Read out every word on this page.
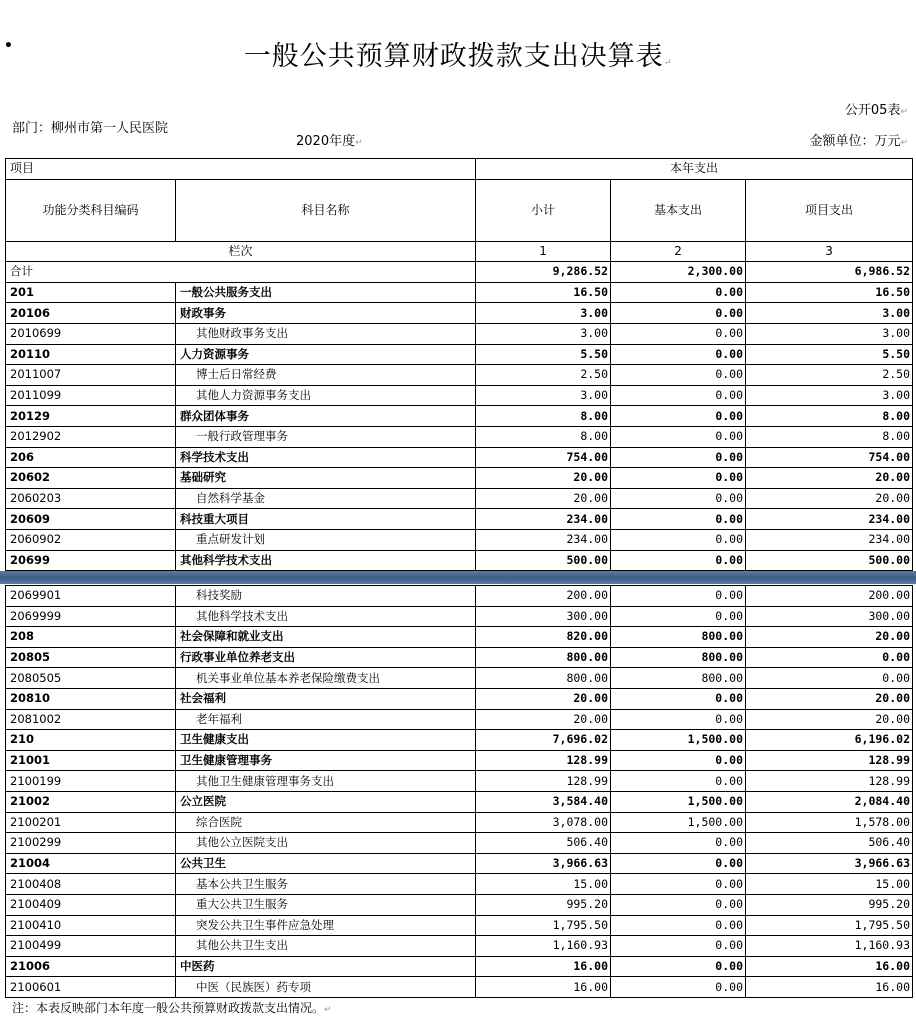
•	一般公共预算财政拨款支出决算表↵
公开05表↵
部门：柳州市第一人民医院
2020年度↵	金额单位：万元↵
项目		本年支出		
功能分类科目编码	科目名称	小计	基本支出	项目支出
栏次		1	2	3
合计		9,286.52	2,300.00	6,986.52
201	一般公共服务支出	16.50	0.00	16.50
20106	财政事务	3.00	0.00	3.00
2010699	其他财政事务支出	3.00	0.00	3.00
20110	人力资源事务	5.50	0.00	5.50
2011007	博士后日常经费	2.50	0.00	2.50
2011099	其他人力资源事务支出	3.00	0.00	3.00
20129	群众团体事务	8.00	0.00	8.00
2012902	一般行政管理事务	8.00	0.00	8.00
206	科学技术支出	754.00	0.00	754.00
20602	基础研究	20.00	0.00	20.00
2060203	自然科学基金	20.00	0.00	20.00
20609	科技重大项目	234.00	0.00	234.00
2060902	重点研发计划	234.00	0.00	234.00
20699	其他科学技术支出	500.00	0.00	500.00
2069901	科技奖励	200.00	0.00	200.00
2069999	其他科学技术支出	300.00	0.00	300.00
208	社会保障和就业支出	820.00	800.00	20.00
20805	行政事业单位养老支出	800.00	800.00	0.00
2080505	机关事业单位基本养老保险缴费支出	800.00	800.00	0.00
20810	社会福利	20.00	0.00	20.00
2081002	老年福利	20.00	0.00	20.00
210	卫生健康支出	7,696.02	1,500.00	6,196.02
21001	卫生健康管理事务	128.99	0.00	128.99
2100199	其他卫生健康管理事务支出	128.99	0.00	128.99
21002	公立医院	3,584.40	1,500.00	2,084.40
2100201	综合医院	3,078.00	1,500.00	1,578.00
2100299	其他公立医院支出	506.40	0.00	506.40
21004	公共卫生	3,966.63	0.00	3,966.63
2100408	基本公共卫生服务	15.00	0.00	15.00
2100409	重大公共卫生服务	995.20	0.00	995.20
2100410	突发公共卫生事件应急处理	1,795.50	0.00	1,795.50
2100499	其他公共卫生支出	1,160.93	0.00	1,160.93
21006	中医药	16.00	0.00	16.00
2100601	中医（民族医）药专项	16.00	0.00	16.00
注：本表反映部门本年度一般公共预算财政拨款支出情况。↵
